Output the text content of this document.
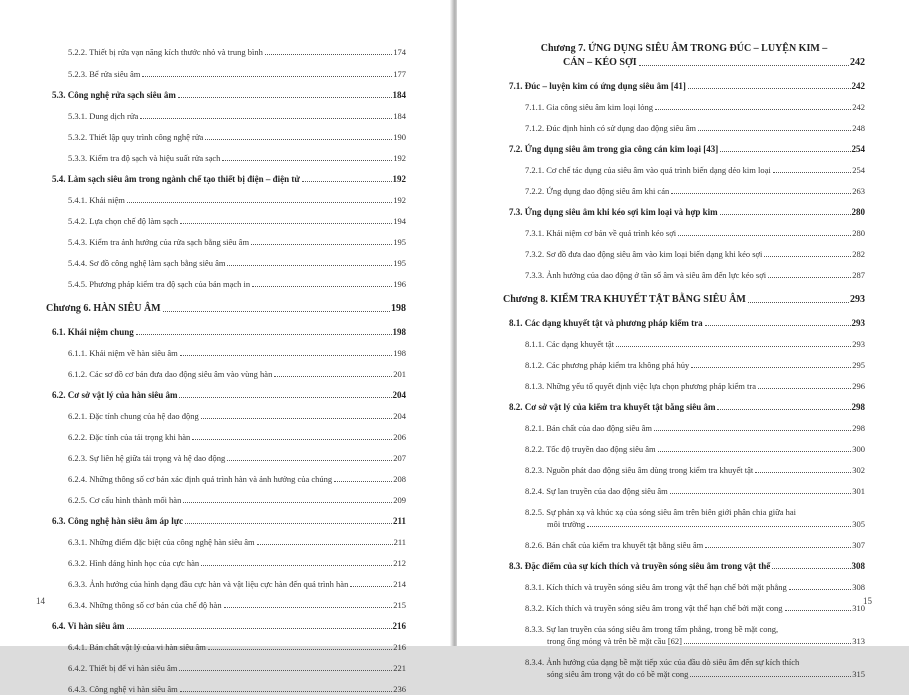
5.2.2. Thiết bị rửa vạn năng kích thước nhỏ và trung bình	174
5.2.3. Bể rửa siêu âm	177
5.3. Công nghệ rửa sạch siêu âm	184
5.3.1. Dung dịch rửa	184
5.3.2. Thiết lập quy trình công nghệ rửa	190
5.3.3. Kiểm tra độ sạch và hiệu suất rửa sạch	192
5.4. Làm sạch siêu âm trong ngành chế tạo thiết bị điện – điện tử	192
5.4.1. Khái niệm	192
5.4.2. Lựa chọn chế độ làm sạch	194
5.4.3. Kiểm tra ảnh hưởng của rửa sạch bằng siêu âm	195
5.4.4. Sơ đồ công nghệ làm sạch bằng siêu âm	195
5.4.5. Phương pháp kiểm tra độ sạch của bản mạch in	196
Chương 6. HÀN SIÊU ÂM	198
6.1. Khái niệm chung	198
6.1.1. Khái niệm về hàn siêu âm	198
6.1.2. Các sơ đồ cơ bản đưa dao động siêu âm vào vùng hàn	201
6.2. Cơ sở vật lý của hàn siêu âm	204
6.2.1. Đặc tính chung của hệ dao động	204
6.2.2. Đặc tính của tải trọng khi hàn	206
6.2.3. Sự liên hệ giữa tải trọng và hệ dao động	207
6.2.4. Những thông số cơ bản xác định quá trình hàn và ảnh hưởng của chúng	208
6.2.5. Cơ cấu hình thành mối hàn	209
6.3. Công nghệ hàn siêu âm áp lực	211
6.3.1. Những điểm đặc biệt của công nghệ hàn siêu âm	211
6.3.2. Hình dáng hình học của cực hàn	212
6.3.3. Ảnh hưởng của hình dạng đầu cực hàn và vật liệu cực hàn đến quá trình hàn	214
6.3.4. Những thông số cơ bản của chế độ hàn	215
6.4. Vi hàn siêu âm	216
6.4.1. Bản chất vật lý của vi hàn siêu âm	216
6.4.2. Thiết bị để vi hàn siêu âm	221
6.4.3. Công nghệ vi hàn siêu âm	236
14
Chương 7. ỨNG DỤNG SIÊU ÂM TRONG ĐÚC – LUYỆN KIM –
CÁN – KÉO SỢI	242
7.1. Đúc – luyện kim có ứng dụng siêu âm [41]	242
7.1.1. Gia công siêu âm kim loại lỏng	242
7.1.2. Đúc định hình có sử dụng dao động siêu âm	248
7.2. Ứng dụng siêu âm trong gia công cán kim loại [43]	254
7.2.1. Cơ chế tác dụng của siêu âm vào quá trình biến dạng dẻo kim loại	254
7.2.2. Ứng dụng dao động siêu âm khi cán	263
7.3. Ứng dụng siêu âm khi kéo sợi kim loại và hợp kim	280
7.3.1. Khái niệm cơ bản về quá trình kéo sợi	280
7.3.2. Sơ đồ đưa dao động siêu âm vào kim loại biến dạng khi kéo sợi	282
7.3.3. Ảnh hưởng của dao động ở tần số âm và siêu âm đến lực kéo sợi	287
Chương 8. KIỂM TRA KHUYẾT TẬT BẰNG SIÊU ÂM	293
8.1. Các dạng khuyết tật và phương pháp kiểm tra	293
8.1.1. Các dạng khuyết tật	293
8.1.2. Các phương pháp kiểm tra không phá hủy	295
8.1.3. Những yếu tố quyết định việc lựa chọn phương pháp kiểm tra	296
8.2. Cơ sở vật lý của kiểm tra khuyết tật bằng siêu âm	298
8.2.1. Bản chất của dao động siêu âm	298
8.2.2. Tốc độ truyền dao động siêu âm	300
8.2.3. Nguồn phát dao động siêu âm dùng trong kiểm tra khuyết tật	302
8.2.4. Sự lan truyền của dao động siêu âm	301
8.2.5. Sự phản xạ và khúc xạ của sóng siêu âm trên biên giới phân chia giữa hai
môi trường	305
8.2.6. Bản chất của kiểm tra khuyết tật bằng siêu âm	307
8.3. Đặc điểm của sự kích thích và truyền sóng siêu âm trong vật thể	308
8.3.1. Kích thích và truyền sóng siêu âm trong vật thể hạn chế bởi mặt phẳng	308
8.3.2. Kích thích và truyền sóng siêu âm trong vật thể hạn chế bởi mặt cong	310
8.3.3. Sự lan truyền của sóng siêu âm trong tấm phẳng, trong bề mặt cong,
trong ống mỏng và trên bề mặt cầu [62]	313
8.3.4. Ảnh hưởng của dạng bề mặt tiếp xúc của đầu dò siêu âm đến sự kích thích
sóng siêu âm trong vật do có bề mặt cong	315
15
